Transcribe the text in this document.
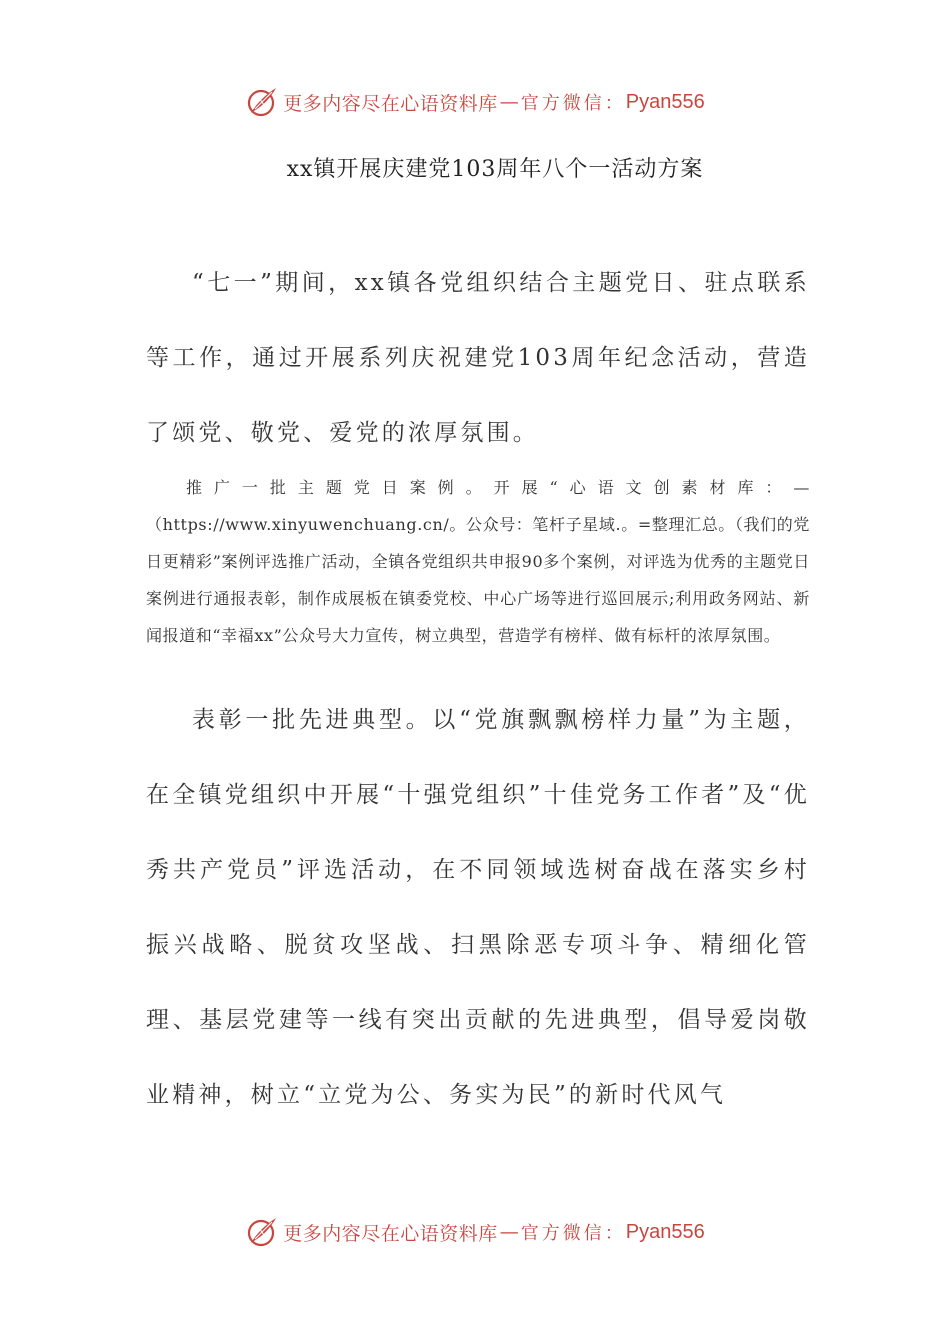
更多内容尽在心语资料库 — 官方微信： Pyan556
xx镇开展庆建党103周年八个一活动方案

“七一”期间，xx镇各党组织结合主题党日、驻点联系等工作，通过开展系列庆祝建党103周年纪念活动，营造了颂党、敬党、爱党的浓厚氛围。

推广一批主题党日案例。开展“心语文创素材库：—（https://www.xinyuwenchuang.cn/。公众号：笔杆子星域.。=整理汇总。（我们的党日更精彩”案例评选推广活动，全镇各党组织共申报90多个案例，对评选为优秀的主题党日案例进行通报表彰，制作成展板在镇委党校、中心广场等进行巡回展示;利用政务网站、新闻报道和“幸福xx”公众号大力宣传，树立典型，营造学有榜样、做有标杆的浓厚氛围。

表彰一批先进典型。以“党旗飘飘榜样力量”为主题，在全镇党组织中开展“十强党组织”十佳党务工作者”及“优秀共产党员”评选活动，在不同领域选树奋战在落实乡村振兴战略、脱贫攻坚战、扫黑除恶专项斗争、精细化管理、基层党建等一线有突出贡献的先进典型，倡导爱岗敬业精神，树立“立党为公、务实为民”的新时代风气

更多内容尽在心语资料库 — 官方微信： Pyan556
